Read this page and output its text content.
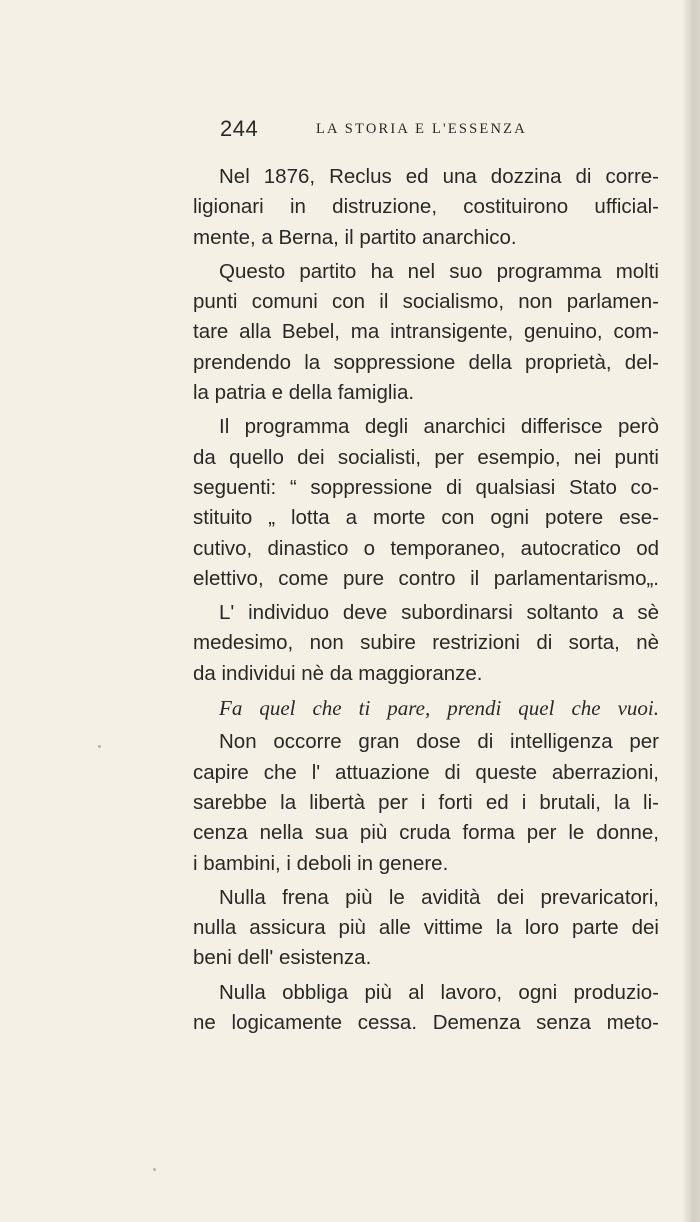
244	LA STORIA E L'ESSENZA
Nel 1876, Reclus ed una dozzina di corre-
ligionari in distruzione, costituirono ufficial-
mente, a Berna, il partito anarchico.
Questo partito ha nel suo programma molti
punti comuni con il socialismo, non parlamen-
tare alla Bebel, ma intransigente, genuino, com-
prendendo la soppressione della proprietà, del-
la patria e della famiglia.
Il programma degli anarchici differisce però
da quello dei socialisti, per esempio, nei punti
seguenti: “ soppressione di qualsiasi Stato co-
stituito „ lotta a morte con ogni potere ese-
cutivo, dinastico o temporaneo, autocratico od
elettivo, come pure contro il parlamentarismo„.
L' individuo deve subordinarsi soltanto a sè
medesimo, non subire restrizioni di sorta, nè
da individui nè da maggioranze.
Fa quel che ti pare, prendi quel che vuoi.
Non occorre gran dose di intelligenza per
capire che l' attuazione di queste aberrazioni,
sarebbe la libertà per i forti ed i brutali, la li-
cenza nella sua più cruda forma per le donne,
i bambini, i deboli in genere.
Nulla frena più le avidità dei prevaricatori,
nulla assicura più alle vittime la loro parte dei
beni dell' esistenza.
Nulla obbliga più al lavoro, ogni produzio-
ne logicamente cessa. Demenza senza meto-
